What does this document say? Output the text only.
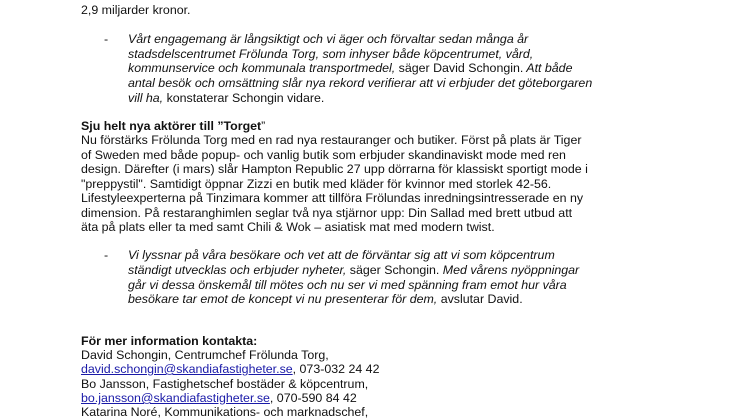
2,9 miljarder kronor.
- Vårt engagemang är långsiktigt och vi äger och förvaltar sedan många år
stadsdelscentrumet Frölunda Torg, som inhyser både köpcentrumet, vård,
kommunservice och kommunala transportmedel, säger David Schongin. Att både
antal besök och omsättning slår nya rekord verifierar att vi erbjuder det göteborgaren
vill ha, konstaterar Schongin vidare.
Sju helt nya aktörer till ”Torget”
Nu förstärks Frölunda Torg med en rad nya restauranger och butiker. Först på plats är Tiger
of Sweden med både popup- och vanlig butik som erbjuder skandinaviskt mode med ren
design. Därefter (i mars) slår Hampton Republic 27 upp dörrarna för klassiskt sportigt mode i
"preppystil". Samtidigt öppnar Zizzi en butik med kläder för kvinnor med storlek 42-56.
Lifestyleexperterna på Tinzimara kommer att tillföra Frölundas inredningsintresserade en ny
dimension. På restaranghimlen seglar två nya stjärnor upp: Din Sallad med brett utbud att
äta på plats eller ta med samt Chili & Wok – asiatisk mat med modern twist.
- Vi lyssnar på våra besökare och vet att de förväntar sig att vi som köpcentrum
ständigt utvecklas och erbjuder nyheter, säger Schongin. Med vårens nyöppningar
går vi dessa önskemål till mötes och nu ser vi med spänning fram emot hur våra
besökare tar emot de koncept vi nu presenterar för dem, avslutar David.
För mer information kontakta:
David Schongin, Centrumchef Frölunda Torg,
david.schongin@skandiafastigheter.se, 073-032 24 42
Bo Jansson, Fastighetschef bostäder & köpcentrum,
bo.jansson@skandiafastigheter.se, 070-590 84 42
Katarina Noré, Kommunikations- och marknadschef,
